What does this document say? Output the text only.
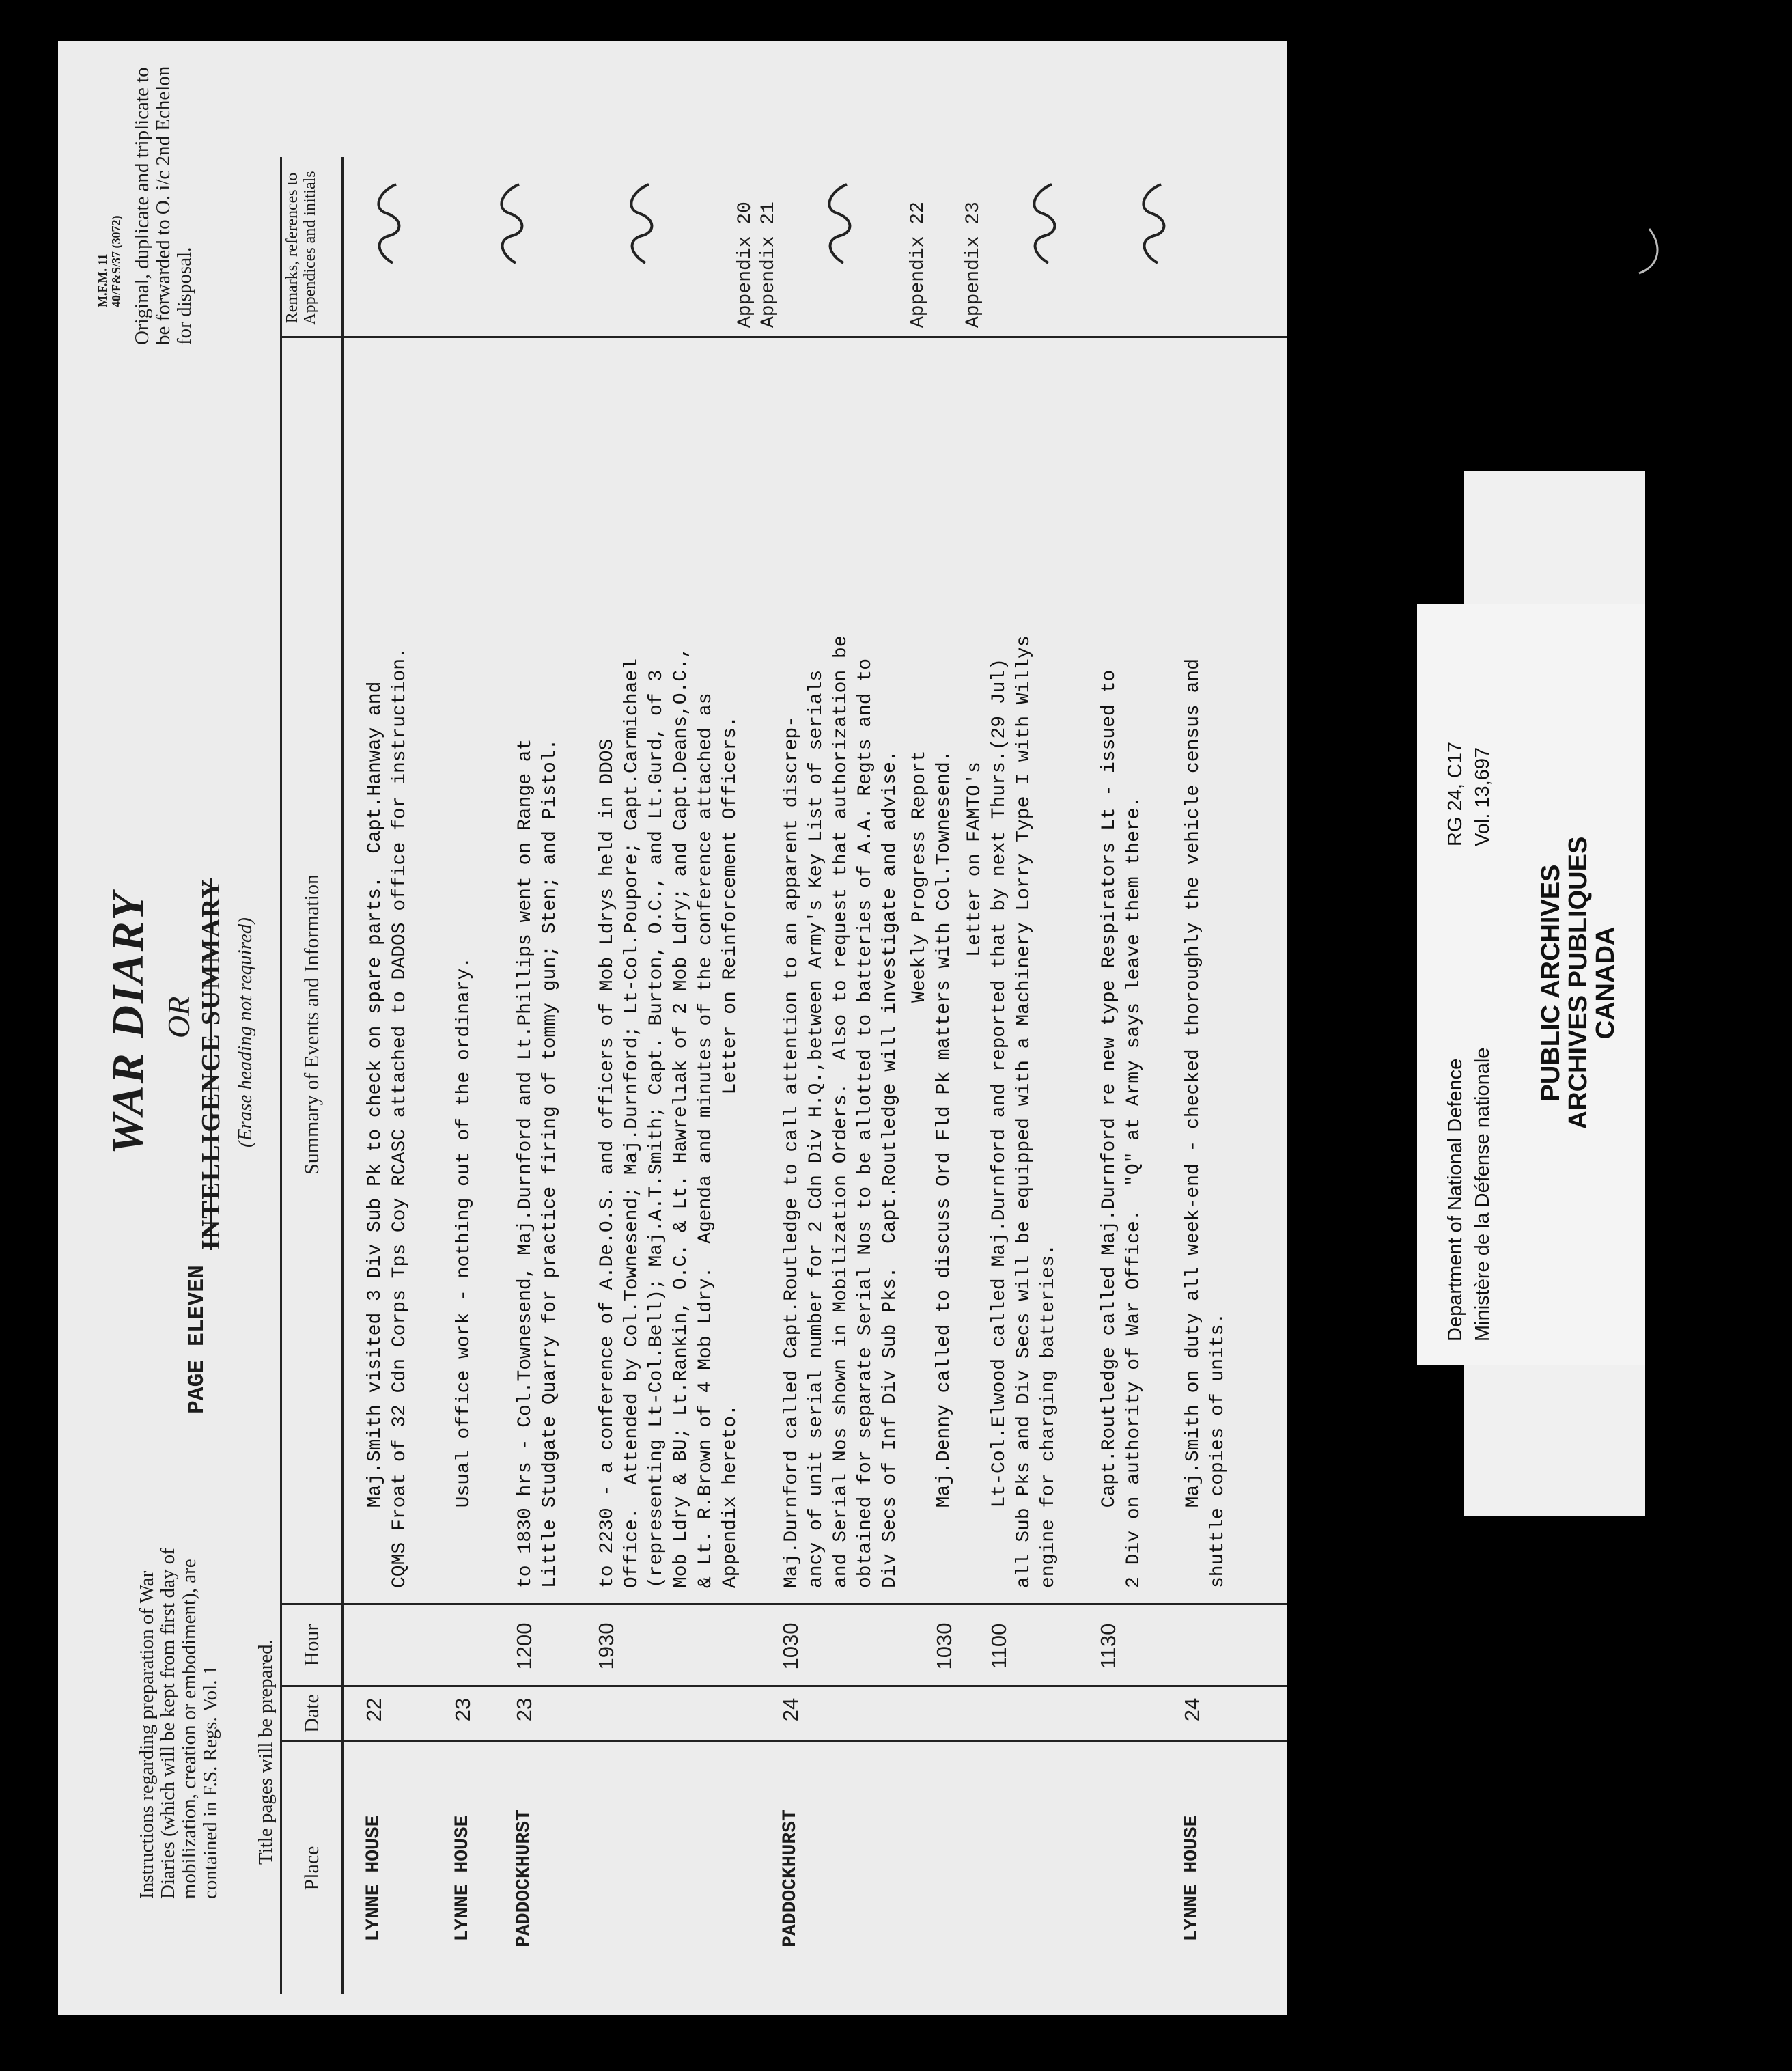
Instructions regarding preparation of War Diaries (which will be kept from first day of mobilization, creation or embodiment), are contained in F.S. Regs. Vol. 1 Title pages will be prepared.
M.F.M. 11 40/F&S/37 (3072) Original, duplicate and triplicate to be forwarded to O. i/c 2nd Echelon for disposal.
PAGE ELEVEN
WAR DIARY OR INTELLIGENCE SUMMARY (Erase heading not required)
Place
Date
Hour
Summary of Events and Information
Remarks, references to Appendices and initials
LYNNE HOUSE
22
Maj.Smith visited 3 Div Sub Pk to check on spare parts.  Capt.Hanway and
CQMS Froat of 32 Cdn Corps Tps Coy RCASC attached to DADOS office for instruction.
LYNNE HOUSE
23
Usual office work - nothing out of the ordinary.
PADDOCKHURST
23
1200
to 1830 hrs - Col.Townesend, Maj.Durnford and Lt.Phillips went on Range at
Little Studgate Quarry for practice firing of tommy gun; Sten; and Pistol.
1930
to 2230 - a conference of A.De.O.S. and officers of Mob Ldrys held in DDOS
Office.  Attended by Col.Townesend; Maj.Durnford; Lt-Col.Poupore; Capt.Carmichael
(representing Lt-Col.Bell); Maj.A.T.Smith; Capt. Burton, O.C., and Lt.Gurd, of 3
Mob Ldry & BU; Lt.Rankin, O.C. & Lt. Hawrelıak of 2 Mob Ldry; and Capt.Deans,O.C.,
& Lt. R.Brown of 4 Mob Ldry.  Agenda and minutes of the conference attached as
Appendix hereto.                           Letter on Reinforcement Officers.
Appendix 20
Appendix 21
PADDOCKHURST
24
1030
Maj.Durnford called Capt.Routledge to call attention to an apparent discrep-
ancy of unit serial number for 2 Cdn Div H.Q.,between Army's Key List of serials
and Serial Nos shown in Mobilization Orders.  Also to request that authorization be
obtained for separate Serial Nos to be allotted to batteries of A.A. Regts and to
Div Secs of Inf Div Sub Pks.  Capt.Routledge will investigate and advise.
1030
Weekly Progress Report
Maj.Denny called to discuss Ord Fld Pk matters with Col.Townesend.
Appendix 22
1100
Letter on FAMTO's
Lt-Col.Elwood called Maj.Durnford and reported that by next Thurs.(29 Jul)
all Sub Pks and Div Secs will be equipped with a Machinery Lorry Type I with Willys
engine for charging batteries.
Appendix 23
1130
Capt.Routledge called Maj.Durnford re new type Respirators Lt - issued to
2 Div on authority of War Office.  "Q" at Army says leave them there.
LYNNE HOUSE
24
Maj.Smith on duty all week-end - checked thoroughly the vehicle census and
shuttle copies of units.
Department of National Defence Ministère de la Défense nationale
RG 24, C17 Vol. 13,697
PUBLIC ARCHIVES
ARCHIVES PUBLIQUES
CANADA
